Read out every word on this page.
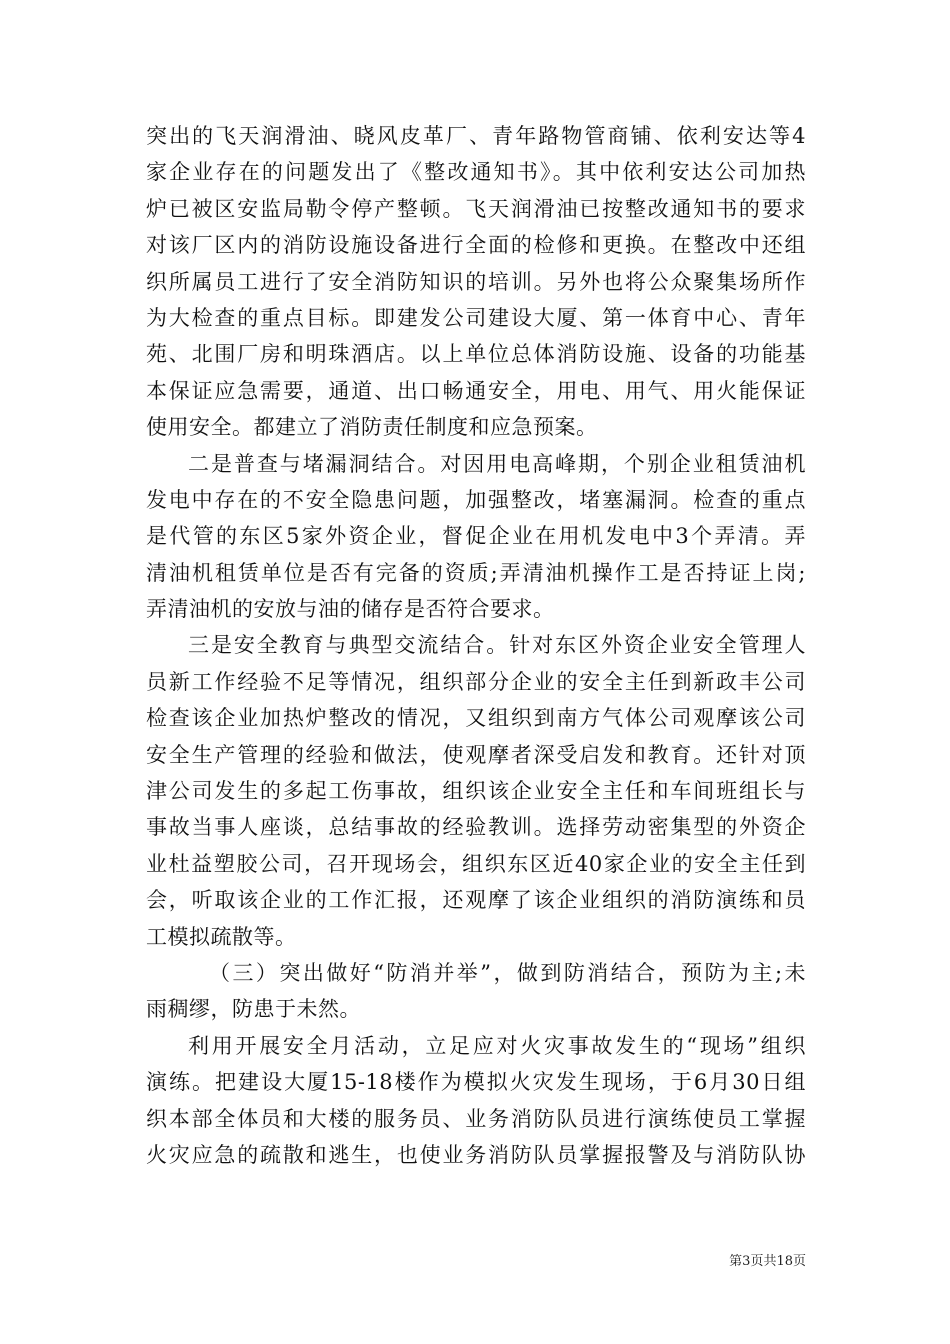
突出的飞天润滑油、晓风皮革厂、青年路物管商铺、依利安达等4
家企业存在的问题发出了《整改通知书》。其中依利安达公司加热
炉已被区安监局勒令停产整顿。飞天润滑油已按整改通知书的要求
对该厂区内的消防设施设备进行全面的检修和更换。在整改中还组
织所属员工进行了安全消防知识的培训。另外也将公众聚集场所作
为大检查的重点目标。即建发公司建设大厦、第一体育中心、青年
苑、北围厂房和明珠酒店。以上单位总体消防设施、设备的功能基
本保证应急需要，通道、出口畅通安全，用电、用气、用火能保证
使用安全。都建立了消防责任制度和应急预案。
二是普查与堵漏洞结合。对因用电高峰期，个别企业租赁油机
发电中存在的不安全隐患问题，加强整改，堵塞漏洞。检查的重点
是代管的东区5家外资企业，督促企业在用机发电中3个弄清。弄
清油机租赁单位是否有完备的资质;弄清油机操作工是否持证上岗;
弄清油机的安放与油的储存是否符合要求。
三是安全教育与典型交流结合。针对东区外资企业安全管理人
员新工作经验不足等情况，组织部分企业的安全主任到新政丰公司
检查该企业加热炉整改的情况，又组织到南方气体公司观摩该公司
安全生产管理的经验和做法，使观摩者深受启发和教育。还针对顶
津公司发生的多起工伤事故，组织该企业安全主任和车间班组长与
事故当事人座谈，总结事故的经验教训。选择劳动密集型的外资企
业杜益塑胶公司，召开现场会，组织东区近40家企业的安全主任到
会，听取该企业的工作汇报，还观摩了该企业组织的消防演练和员
工模拟疏散等。
（三）突出做好“防消并举”，做到防消结合，预防为主;未
雨稠缪，防患于未然。
利用开展安全月活动，立足应对火灾事故发生的“现场”组织
演练。把建设大厦15-18楼作为模拟火灾发生现场，于6月30日组
织本部全体员和大楼的服务员、业务消防队员进行演练使员工掌握
火灾应急的疏散和逃生，也使业务消防队员掌握报警及与消防队协
第3页共18页
